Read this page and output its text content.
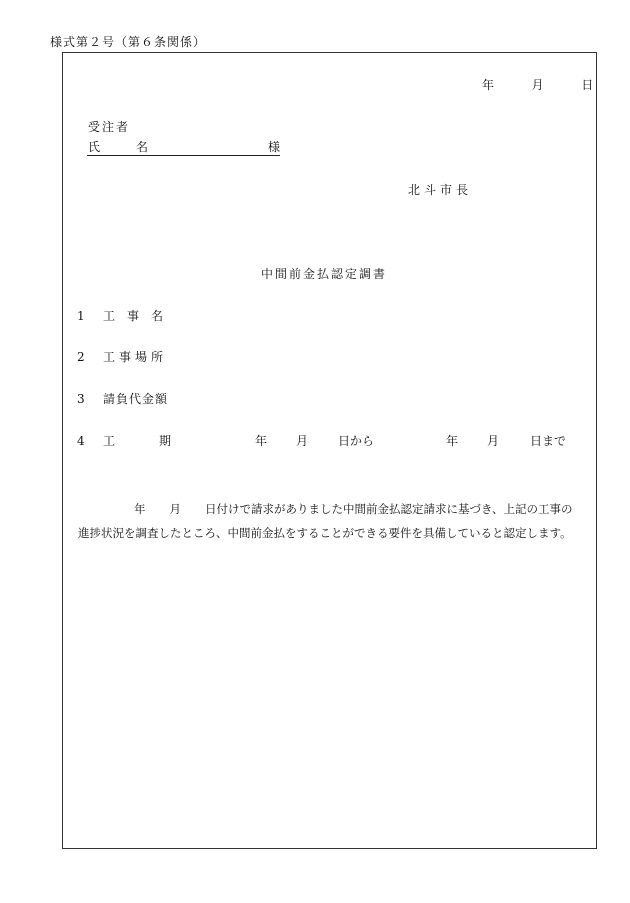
様式第２号（第６条関係）
年	月	日
受注者
氏　名	様
北斗市長
中間前金払認定調書
1 工　事　名
2 工事場所
3 請負代金額
4 工期	年 月 日から	年 月	日まで
年 月 日付けで請求がありました中間前金払認定請求に基づき、上記の工事の
進捗状況を調査したところ、中間前金払をすることができる要件を具備していると認定します。
